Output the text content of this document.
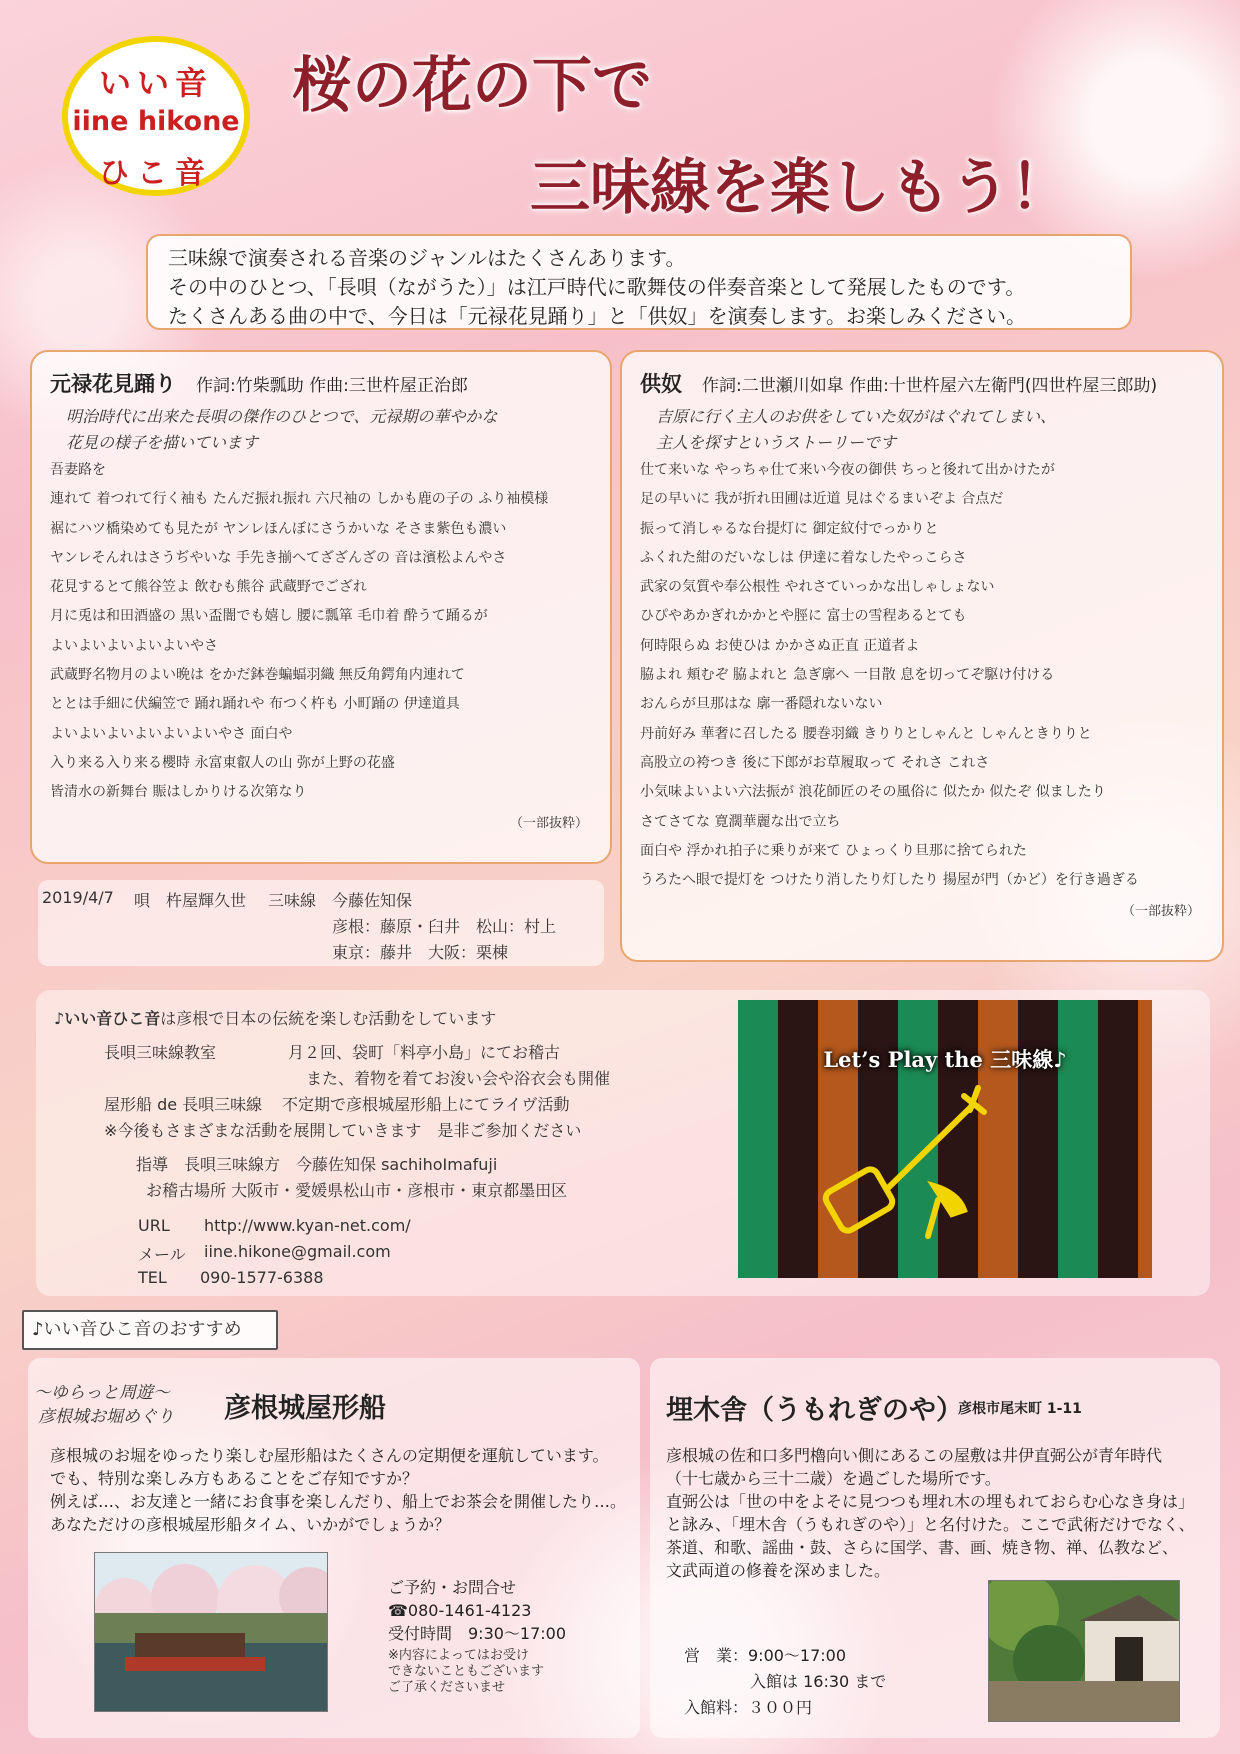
いい音
iine hikone
ひこ音
桜の花の下で
三味線を楽しもう！
三味線で演奏される音楽のジャンルはたくさんあります。
その中のひとつ、「長唄（ながうた）」は江戸時代に歌舞伎の伴奏音楽として発展したものです。
たくさんある曲の中で、今日は「元禄花見踊り」と「供奴」を演奏します。お楽しみください。
元禄花見踊り 作詞:竹柴瓢助 作曲:三世杵屋正治郎
明治時代に出来た長唄の傑作のひとつで、元禄期の華やかな
花見の様子を描いています
吾妻路を
連れて 着つれて行く袖も たんだ振れ振れ 六尺袖の しかも鹿の子の ふり袖模様
裾にハツ橋染めても見たが ヤンレほんぼにさうかいな そさま紫色も濃い
ヤンレそんれはさうぢやいな 手先き揃へてざざんざの 音は濱松よんやさ
花見するとて熊谷笠よ 飲むも熊谷 武蔵野でござれ
月に兎は和田酒盛の 黒い盃闇でも嬉し 腰に瓢箪 毛巾着 酔うて踊るが
よいよいよいよいよいやさ
武蔵野名物月のよい晩は をかだ鉢巻蝙蝠羽織 無反角鍔角内連れて
ととは手細に伏編笠で 踊れ踊れや 布つく杵も 小町踊の 伊達道具
よいよいよいよいよいよいやさ 面白や
入り来る入り来る櫻時 永富東叡人の山 弥が上野の花盛
皆清水の新舞台 賑はしかりける次第なり
（一部抜粋）
2019/4/7 唄　杵屋輝久世 三味線　今藤佐知保
彦根：藤原・臼井　松山：村上
東京：藤井　大阪：栗棟
供奴 作詞:二世瀬川如皐 作曲:十世杵屋六左衛門(四世杵屋三郎助)
吉原に行く主人のお供をしていた奴がはぐれてしまい、
主人を探すというストーリーです
仕て来いな やっちゃ仕て来い今夜の御供 ちっと後れて出かけたが
足の早いに 我が折れ田圃は近道 見はぐるまいぞよ 合点だ
振って消しゃるな台提灯に 御定紋付でっかりと
ふくれた紺のだいなしは 伊達に着なしたやっこらさ
武家の気質や奉公根性 やれさていっかな出しゃしょない
ひぴやあかぎれかかとや脛に 富士の雪程あるとても
何時限らぬ お使ひは かかさぬ正直 正道者よ
脇よれ 頬むぞ 脇よれと 急ぎ廓へ 一目散 息を切ってぞ駆け付ける
おんらが旦那はな 廓一番隠れないない
丹前好み 華奢に召したる 腰巻羽織 きりりとしゃんと しゃんときりりと
高股立の袴つき 後に下郎がお草履取って それさ これさ
小気味よいよい六法振が 浪花師匠のその風俗に 似たか 似たぞ 似ましたり
さてさてな 寛濶華麗な出で立ち
面白や 浮かれ拍子に乗りが来て ひょっくり旦那に捨てられた
うろたへ眼で提灯を つけたり消したり灯したり 揚屋が門（かど）を行き過ぎる
（一部抜粋）
♪いい音ひこ音は彦根で日本の伝統を楽しむ活動をしています
長唄三味線教室	月２回、袋町「料亭小島」にてお稽古
また、着物を着てお浚い会や浴衣会も開催
屋形船 de 長唄三味線 不定期で彦根城屋形船上にてライヴ活動
※今後もさまざまな活動を展開していきます　是非ご参加ください
指導　長唄三味線方　今藤佐知保 sachihoImafuji
お稽古場所 大阪市・愛媛県松山市・彦根市・東京都墨田区
URL http://www.kyan-net.com/
メール iine.hikone@gmail.com
TEL 090-1577-6388
Let’s Play the 三味線♪
♪いい音ひこ音のおすすめ
〜ゆらっと周遊〜
彦根城お堀めぐり 彦根城屋形船
彦根城のお堀をゆったり楽しむ屋形船はたくさんの定期便を運航しています。
でも、特別な楽しみ方もあることをご存知ですか？
例えば…、お友達と一緒にお食事を楽しんだり、船上でお茶会を開催したり…。
あなただけの彦根城屋形船タイム、いかがでしょうか？
ご予約・お問合せ
☎080-1461-4123
受付時間　9:30〜17:00
※内容によってはお受け
できないこともございます
ご了承くださいませ
埋木舎（うもれぎのや）
彦根市尾末町 1-11
彦根城の佐和口多門櫓向い側にあるこの屋敷は井伊直弼公が青年時代
（十七歳から三十二歳）を過ごした場所です。
直弼公は「世の中をよそに見つつも埋れ木の埋もれておらむ心なき身は」
と詠み、「埋木舎（うもれぎのや）」と名付けた。ここで武術だけでなく、
茶道、和歌、謡曲・鼓、さらに国学、書、画、焼き物、禅、仏教など、
文武両道の修養を深めました。
営　業：9:00〜17:00
入館は 16:30 まで
入館料：３００円
